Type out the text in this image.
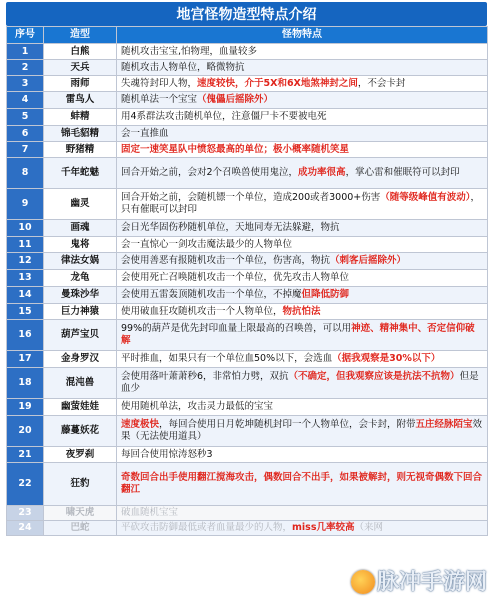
地宫怪物造型特点介绍
序号	造型	怪物特点
1	白熊	随机攻击宝宝,怕物理，血量较多
2	天兵	随机攻击人物单位，略微物抗
3	雨师	失魂符封印人物，速度较快，介于5X和6X地煞神封之间，不会卡封
4	雷鸟人	随机单法一个宝宝（傀儡后摇除外）
5	蚌精	用4系群法攻击随机单位，注意僵尸卡不要被电死
6	锦毛貂精	会一直推血
7	野猪精	固定一速笑星队中愤怒最高的单位；极小概率随机笑星
8	千年蛇魅	回合开始之前，会对2个召唤兽使用鬼泣，成功率很高，掌心雷和催眠符可以封印
9	幽灵	回合开始之前，会随机镖一个单位，造成200或者3000+伤害（随等级峰值有波动），只有催眠可以封印
10	画魂	会日光华固伤秒随机单位，天地同寿无法躲避，物抗
11	鬼将	会一直惊心一剑攻击魔法最少的人物单位
12	律法女娲	会使用善恶有报随机攻击一个单位，伤害高，物抗（刺客后摇除外）
13	龙龟	会使用死亡召唤随机攻击一个单位，优先攻击人物单位
14	曼珠沙华	会使用五雷轰顶随机攻击一个单位，不掉魔但降低防御
15	巨力神猿	使用破血狂攻随机攻击一个人物单位，物抗怕法
16	葫芦宝贝	99%的葫芦是优先封印血量上限最高的召唤兽，可以用神迹、精神集中、否定信仰破解
17	金身罗汉	平时推血，如果只有一个单位血50%以下，会选血（据我观察是30%以下）
18	混沌兽	会使用落叶萧萧秒6，非常怕力劈，双抗（不确定，但我观察应该是抗法不抗物）但是血少
19	幽萤娃娃	使用随机单法，攻击灵力最低的宝宝
20	藤蔓妖花	速度极快，每回合使用日月乾坤随机封印一个人物单位，会卡封，附带五庄经脉陌宝效果（无法使用道具）
21	夜罗刹	每回合使用惊涛怒秒3
22	狂豹	奇数回合出手使用翻江搅海攻击，偶数回合不出手，如果被解封，则无视奇偶数下回合翻江
23	啸天虎	破血随机宝宝
24	巴蛇	平砍攻击防御最低或者血量最少的人物，miss几率较高（来网
脉冲手游网
